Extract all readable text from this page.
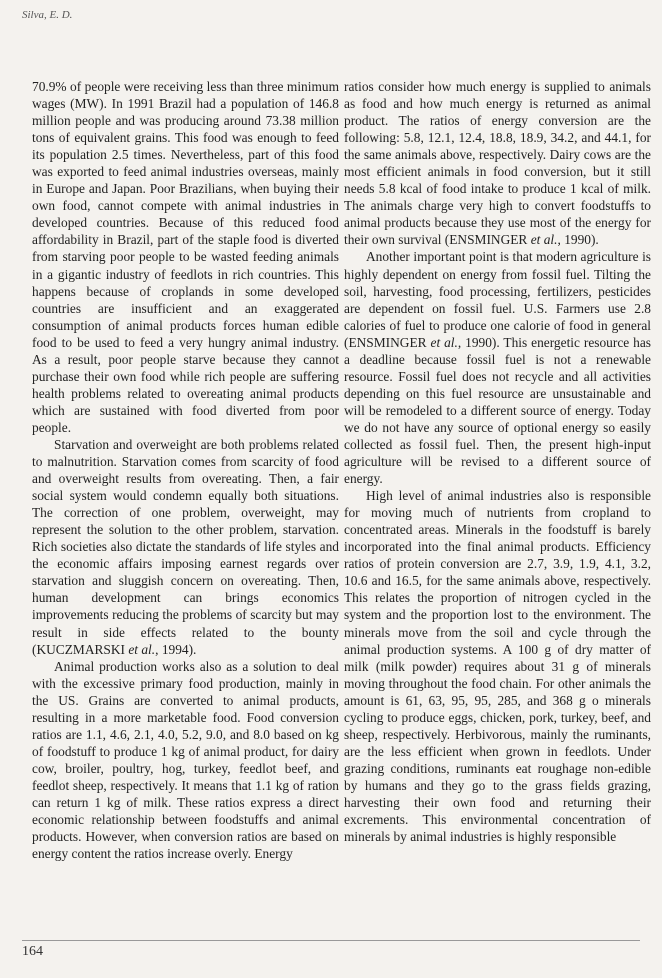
Silva, E. D.

70.9% of people were receiving less than three minimum wages (MW). In 1991 Brazil had a population of 146.8 million people and was producing around 73.38 million tons of equivalent grains. This food was enough to feed its population 2.5 times. Nevertheless, part of this food was exported to feed animal industries overseas, mainly in Europe and Japan. Poor Brazilians, when buying their own food, cannot compete with animal industries in developed countries. Because of this reduced food affordability in Brazil, part of the staple food is diverted from starving poor people to be wasted feeding animals in a gigantic industry of feedlots in rich countries. This happens because of croplands in some developed countries are insufficient and an exaggerated consumption of animal products forces human edible food to be used to feed a very hungry animal industry. As a result, poor people starve because they cannot purchase their own food while rich people are suffering health problems related to overeating animal products which are sustained with food diverted from poor people.

Starvation and overweight are both problems related to malnutrition. Starvation comes from scarcity of food and overweight results from overeating. Then, a fair social system would condemn equally both situations. The correction of one problem, overweight, may represent the solution to the other problem, starvation. Rich societies also dictate the standards of life styles and the economic affairs imposing earnest regards over starvation and sluggish concern on overeating. Then, human development can brings economics improvements reducing the problems of scarcity but may result in side effects related to the bounty (KUCZMARSKI et al., 1994).

Animal production works also as a solution to deal with the excessive primary food production, mainly in the US. Grains are converted to animal products, resulting in a more marketable food. Food conversion ratios are 1.1, 4.6, 2.1, 4.0, 5.2, 9.0, and 8.0 based on kg of foodstuff to produce 1 kg of animal product, for dairy cow, broiler, poultry, hog, turkey, feedlot beef, and feedlot sheep, respectively. It means that 1.1 kg of ration can return 1 kg of milk. These ratios express a direct economic relationship between foodstuffs and animal products. However, when conversion ratios are based on energy content the ratios increase overly. Energy

ratios consider how much energy is supplied to animals as food and how much energy is returned as animal product. The ratios of energy conversion are the following: 5.8, 12.1, 12.4, 18.8, 18.9, 34.2, and 44.1, for the same animals above, respectively. Dairy cows are the most efficient animals in food conversion, but it still needs 5.8 kcal of food intake to produce 1 kcal of milk. The animals charge very high to convert foodstuffs to animal products because they use most of the energy for their own survival (ENSMINGER et al., 1990).

Another important point is that modern agriculture is highly dependent on energy from fossil fuel. Tilting the soil, harvesting, food processing, fertilizers, pesticides are dependent on fossil fuel. U.S. Farmers use 2.8 calories of fuel to produce one calorie of food in general (ENSMINGER et al., 1990). This energetic resource has a deadline because fossil fuel is not a renewable resource. Fossil fuel does not recycle and all activities depending on this fuel resource are unsustainable and will be remodeled to a different source of energy. Today we do not have any source of optional energy so easily collected as fossil fuel. Then, the present high-input agriculture will be revised to a different source of energy.

High level of animal industries also is responsible for moving much of nutrients from cropland to concentrated areas. Minerals in the foodstuff is barely incorporated into the final animal products. Efficiency ratios of protein conversion are 2.7, 3.9, 1.9, 4.1, 3.2, 10.6 and 16.5, for the same animals above, respectively. This relates the proportion of nitrogen cycled in the system and the proportion lost to the environment. The minerals move from the soil and cycle through the animal production systems. A 100 g of dry matter of milk (milk powder) requires about 31 g of minerals moving throughout the food chain. For other animals the amount is 61, 63, 95, 95, 285, and 368 g o minerals cycling to produce eggs, chicken, pork, turkey, beef, and sheep, respectively. Herbivorous, mainly the ruminants, are the less efficient when grown in feedlots. Under grazing conditions, ruminants eat roughage non-edible by humans and they go to the grass fields grazing, harvesting their own food and returning their excrements. This environmental concentration of minerals by animal industries is highly responsible

164
